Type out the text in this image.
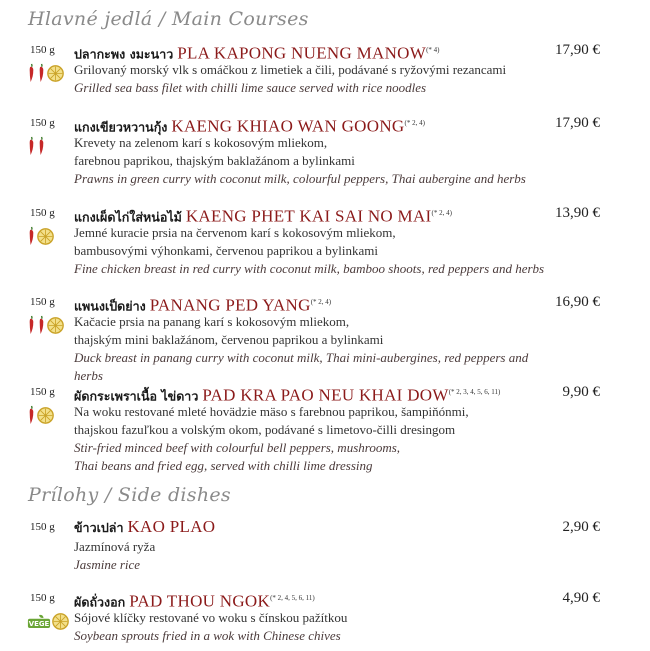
Hlavné jedlá / Main Courses
Prílohy / Side dishes
150 g ปลากะพง งมะนาว PLA KAPONG NUENG $MANOW^{(* 4)}$	17,90 €
Grilovaný morský vlk s omáčkou z limetiek a čili, podávané s ryžovými rezancami
Grilled sea bass filet with chilli lime sauce served with rice noodles
150 g แกงเขียวหวานกุ้ง KAENG KHIAO WAN $GOONG^{(* 2, 4)}$	17,90 €
Krevety na zelenom karí s kokosovým mliekom,
farebnou paprikou, thajským baklažánom a bylinkami
Prawns in green curry with coconut milk, colourful peppers, Thai aubergine and herbs
150 g แกงเผ็ดไก่ใส่หน่อไม้ KAENG PHET KAI SAI NO $MAI^{(* 2, 4)}$	13,90 €
Jemné kuracie prsia na červenom karí s kokosovým mliekom,
bambusovými výhonkami, červenou paprikou a bylinkami
Fine chicken breast in red curry with coconut milk, bamboo shoots, red peppers and herbs
150 g แพนงเป็ดย่าง PANANG PED $YANG^{(* 2, 4)}$	16,90 €
Kačacie prsia na panang karí s kokosovým mliekom,
thajským mini baklažánom, červenou paprikou a bylinkami
Duck breast in panang curry with coconut milk, Thai mini-aubergines, red peppers and herbs
150 g ผัดกระเพราเนื้อ ไข่ดาว PAD KRA PAO NEU KHAI $DOW^{(* 2, 3, 4, 5, 6, 11)}$	9,90 €
Na woku restované mleté hovädzie mäso s farebnou paprikou, šampiňónmi,
thajskou fazuľkou a volským okom, podávané s limetovo-čilli dresingom
Stir-fried minced beef with colourful bell peppers, mushrooms,
Thai beans and fried egg, served with chilli lime dressing
150 g ข้าวเปล่า KAO PLAO	2,90 €
Jazmínová ryža
Jasmine rice
150 g
VEGE
ผัดถั่วงอก PAD THOU $NGOK^{(* 2, 4, 5, 6, 11)}$	4,90 €
Sójové klíčky restované vo woku s čínskou pažítkou
Soybean sprouts fried in a wok with Chinese chives
